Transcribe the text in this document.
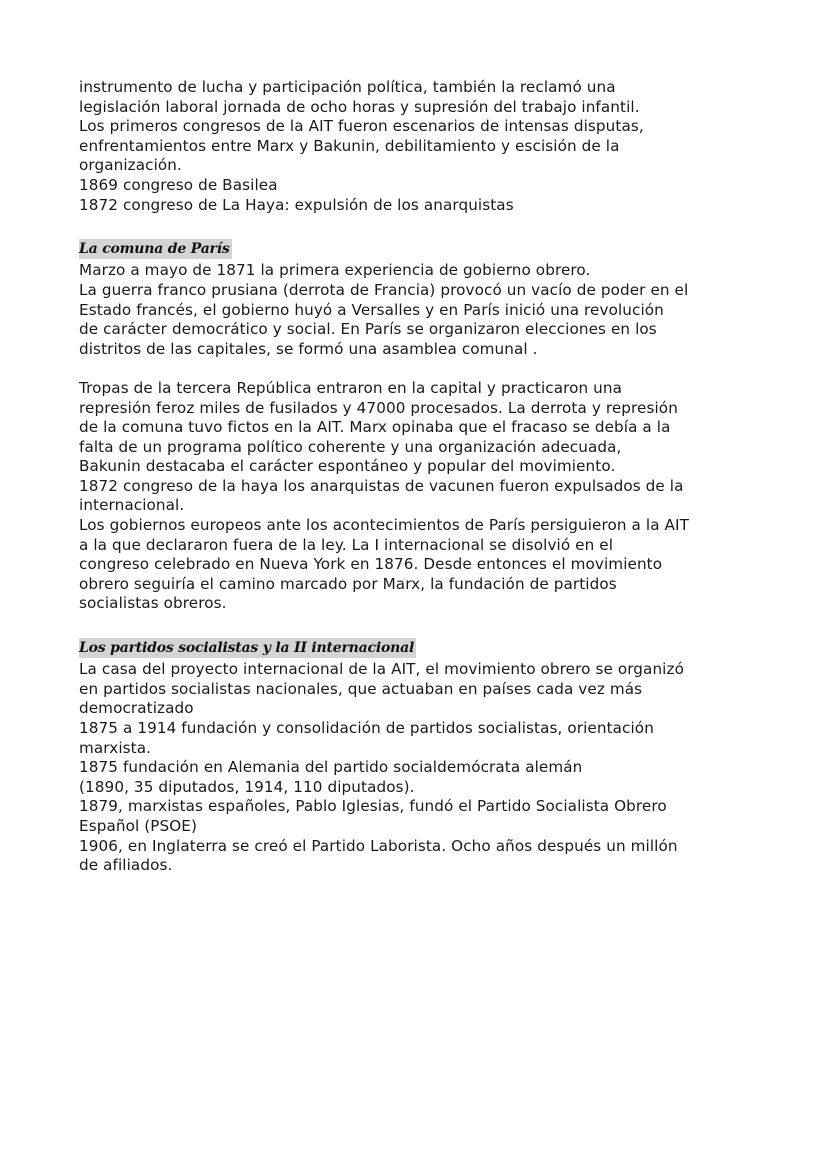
instrumento de lucha y participación política, también la reclamó una
legislación laboral jornada de ocho horas y supresión del trabajo infantil.
Los primeros congresos de la AIT fueron escenarios de intensas disputas,
enfrentamientos entre Marx y Bakunin, debilitamiento y escisión de la
organización.
1869 congreso de Basilea
1872 congreso de La Haya: expulsión de los anarquistas
La comuna de París
Marzo a mayo de 1871 la primera experiencia de gobierno obrero.
La guerra franco prusiana (derrota de Francia) provocó un vacío de poder en el
Estado francés, el gobierno huyó a Versalles y en París inició una revolución
de carácter democrático y social. En París se organizaron elecciones en los
distritos de las capitales, se formó una asamblea comunal .
Tropas de la tercera República entraron en la capital y practicaron una
represión feroz miles de fusilados y 47000 procesados. La derrota y represión
de la comuna tuvo fictos en la AIT. Marx opinaba que el fracaso se debía a la
falta de un programa político coherente y una organización adecuada,
Bakunin destacaba el carácter espontáneo y popular del movimiento.
1872 congreso de la haya los anarquistas de vacunen fueron expulsados de la
internacional.
Los gobiernos europeos ante los acontecimientos de París persiguieron a la AIT
a la que declararon fuera de la ley. La I internacional se disolvió en el
congreso celebrado en Nueva York en 1876. Desde entonces el movimiento
obrero seguiría el camino marcado por Marx, la fundación de partidos
socialistas obreros.
Los partidos socialistas y la II internacional
La casa del proyecto internacional de la AIT, el movimiento obrero se organizó
en partidos socialistas nacionales, que actuaban en países cada vez más
democratizado
1875 a 1914 fundación y consolidación de partidos socialistas, orientación
marxista.
1875 fundación en Alemania del partido socialdemócrata alemán
(1890, 35 diputados, 1914, 110 diputados).
1879, marxistas españoles, Pablo Iglesias, fundó el Partido Socialista Obrero
Español (PSOE)
1906, en Inglaterra se creó el Partido Laborista. Ocho años después un millón
de afiliados.
